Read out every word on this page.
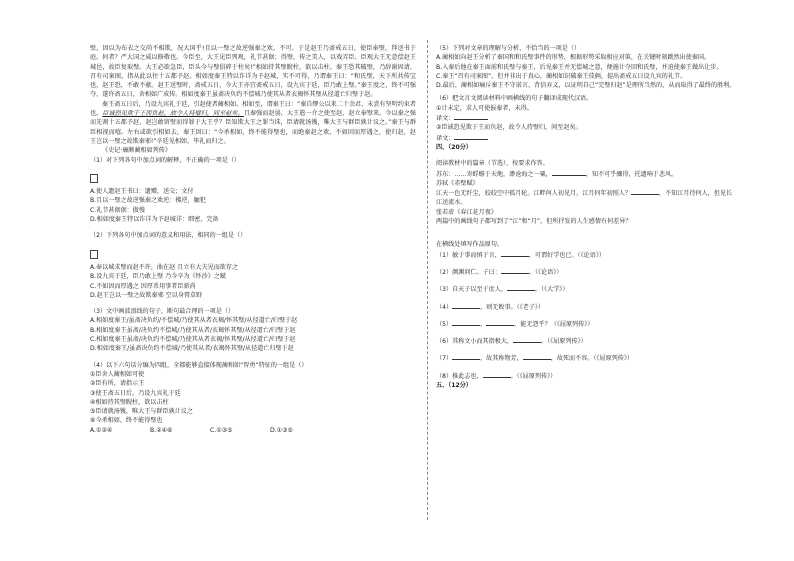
壁，因以为布衣之交尚不相欺，况大国乎!且以一璧之故逆强秦之欢，不可。于是赵王乃斋戒五日，使臣奉璧，拜送书于庭。何者？严大国之威以修敬也。今臣至，大王见臣列观，礼节甚倨；得璧，传之美人，以戏弄臣。臣观大王无意偿赵王城邑，故臣复取璧。大王必欲急臣，臣头今与璧俱碎于柱矣!”相如持其璧睨柱，欲以击柱。秦王恐其破璧，乃辞谢固请，召有司案图，指从此以往十五都予赵。相如度秦王特以诈详为予赵城，实不可得，乃谓秦王曰：“和氏璧，天下所共传宝也，赵王恐，不敢不献。赵王送璧时，斋戒五日，今大王亦宜斋戒五日，设九宾于廷，臣乃敢上璧。”秦王度之，终不可强夺，遂许斋五日，舍相如广成传。相如度秦王虽斋决负约不偿城乃使其从者衣褐怀其璧从径道亡归璧于赵。

秦王斋五日后，乃设九宾礼于廷，引赵使者蔺相如。相如至，谓秦王曰：“秦自缪公以来二十余君，未尝有坚明约束者也。臣诚恐见欺于王而负赵，故令人持璧归，间至赵矣。且秦强而赵弱，大王遣一介之使至赵，赵立奉璧来。今以秦之强而先割十五都予赵，赵岂敢留璧而得罪于大王乎？臣知欺大王之罪当诛，臣请就汤镬，唯大王与群臣孰计议之。”秦王与群臣相视而嘻。左右或欲引相如去，秦王因曰：“今杀相如，终不能得璧也，而绝秦赵之欢，不如因而厚遇之，使归赵，赵王岂以一璧之故欺秦邪!”卒廷见相如，毕礼而归之。

《史记·廉颇蔺相如列传》

（1）对下列各句中加点词的解释，不正确的一项是（）

A.使人遗赵王书曰：遗赠，送交；文付

B.且以一璧之故逆强秦之欢逆：拂逆，触犯

C.礼节甚倨倨：傲慢

D.相如度秦王特以诈详为予赵城详：细密，完备

（2）下列各句中加点词的意义和用法，相同的一组是（）

A.奉以城求璧而赵不许，曲在赵 且立有大夫见而欲存之

B.设九宾于廷，臣乃敢上璧 乃今卒为《怀沙》之赋

C.不如因而厚遇之 因厚币用事者臣新尚

D.赵王岂以一璧之故欺秦邪 空以身膏草野

（3）文中画波浪线的句子，断句最合理的一项是（）

A.相如度秦王/虽斋决负约/不偿城/乃使其从者衣褐/怀其璧/从径道亡/归璧于赵

B.相如度秦王虽斋/决负约不偿城/乃使其从者/衣褐怀其璧/从径道亡/归璧于赵

C.相如度秦王虽斋/决负约不偿城/乃使其从者衣褐/怀其璧/从径道亡/归璧于赵

D.相如度秦王/虽斋决负约不偿城/乃使其从者/衣褐怀其璧/从径道亡归璧于赵

（4）以下六句话分编为四组，全都能够直接体现蔺相如“智勇”特征的一组是（）

①臣舍人蔺相如可使

②臣有所，请指示王

③使王斋五日后，乃设九宾礼于廷

④相如持其璧睨柱，欲以击柱

⑤臣请就汤镬，唯大王与群臣孰计议之

⑥今杀相如，终不能得璧也

A.①②④	B.②④⑥	C.①③⑤	D.①③⑤

（5）下列对文章的理解与分析，不恰当的一项是（）

A.蔺相如向赵王分析了秦国和和氏璧事件的形势，根据形势采取相应对策，在关键时刻跳然出使秦国。

B.入秦后他在秦王面前和氏璧与秦王，后见秦王并无偿城之意，便施计夺回和氏璧，并迫使秦王做出让步。

C.秦王“召有司案图”，但并非出于真心，蔺相如识破秦王伎俩，提出斋戒五日设九宾的礼节。

D.最后，蔺相如痛斥秦王不守诺言、背信弃义，以证明自己“完璧归赵”是理所当然的，从而取得了最终的胜利。

（6）把文言文阅读材料中画横线的句子翻译成现代汉语。

①计未定，求人可使报秦者，未得。

译文：

②臣诚恐见欺于王而负赵，故令人持璧归，间至赵矣。

译文：

四、（20分）

阅读教材中的篇章（节选），按要求作答。

苏东：……寄蜉蝣于天地，渺沧海之一粟，	。知不可乎骤得，托遗响于悲风。

苏轼《赤壁赋》

江天一色无纤尘，皎皎空中孤月轮。江畔何人初见月，江月何年初照人？	，不知江月待何人，但见长

江送流水。

张若虚《春江花月夜》

两篇中的画线句子都写到了“江”和“月”，但所抒发的人生感情有何差异？

在横线处填写作品原句。

（1）敏于事而慎于言，	，可谓好学也已。（《论语》）

（2）颜渊问仁。子曰：	。（《论语》）

（3）自天子以至于庶人，	。（《大学》）

（4）	，则无败事。（《老子》）

（5）	，	，能无怨乎？（《屈原列传》）

（6）其称文小而其指极大，	。（《屈原列传》）

（7）	，故其称物芳，	，故死而不容。（《屈原列传》）

（8）推此志也，	。（《屈原列传》）

五、（12分）
